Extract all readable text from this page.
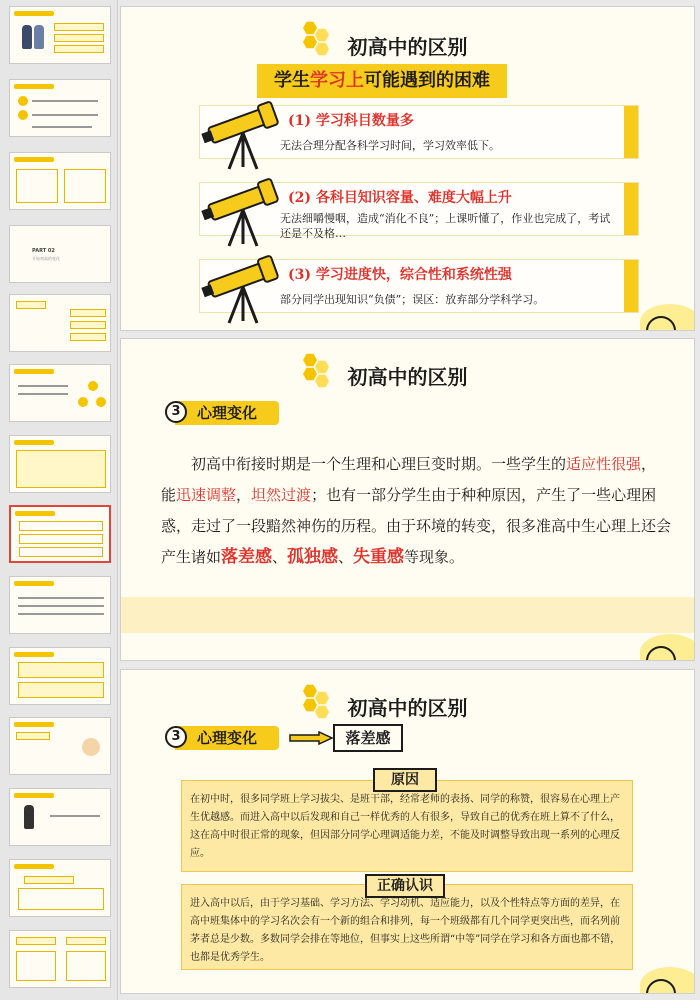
PART 02
开始初高的变化
初高中的区别
学生学习上可能遇到的困难
(1) 学习科目数量多
无法合理分配各科学习时间，学习效率低下。
(2) 各科目知识容量、难度大幅上升
无法细嚼慢咽，造成“消化不良”；上课听懂了，作业也完成了，考试还是不及格…
(3) 学习进度快，综合性和系统性强
部分同学出现知识“负债”；误区：放弃部分学科学习。
初高中的区别
心理变化
3
初高中衔接时期是一个生理和心理巨变时期。一些学生的适应性很强，能迅速调整，坦然过渡；也有一部分学生由于种种原因，产生了一些心理困惑，走过了一段黯然神伤的历程。由于环境的转变，很多准高中生心理上还会产生诸如落差感、孤独感、失重感等现象。
初高中的区别
心理变化
3	落差感
在初中时，很多同学班上学习拔尖、是班干部，经常老师的表扬、同学的称赞，很容易在心理上产生优越感。而进入高中以后发现和自己一样优秀的人有很多，导致自己的优秀在班上算不了什么，这在高中时很正常的现象，但因部分同学心理调适能力差，不能及时调整导致出现一系列的心理反应。
原因
进入高中以后，由于学习基础、学习方法、学习动机、适应能力，以及个性特点等方面的差异，在高中班集体中的学习名次会有一个新的组合和排列，每一个班级都有几个同学更突出些，而名列前茅者总是少数。多数同学会排在等地位，但事实上这些所谓“中等”同学在学习和各方面也都不错，也都是优秀学生。
正确认识
